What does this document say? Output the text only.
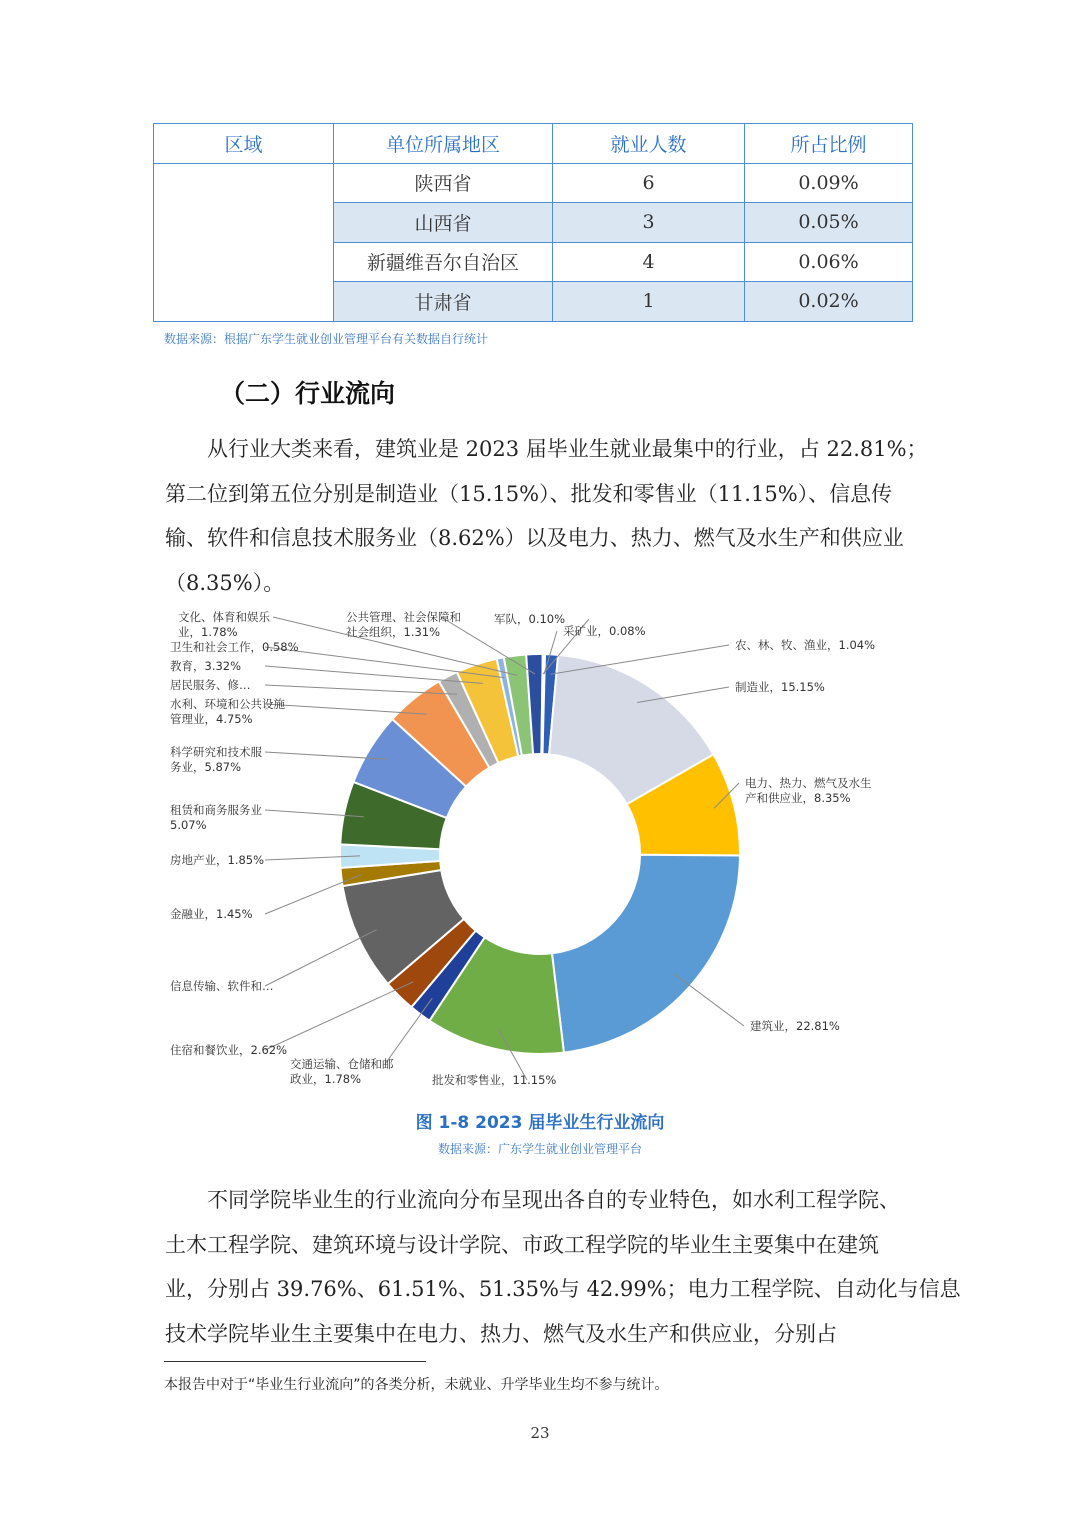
区域	单位所属地区	就业人数	所占比例
	陕西省	6	0.09%
	山西省	3	0.05%
	新疆维吾尔自治区	4	0.06%
	甘肃省	1	0.02%
数据来源：根据广东学生就业创业管理平台有关数据自行统计
（二）行业流向
从行业大类来看，建筑业是 2023 届毕业生就业最集中的行业，占 22.81%；
第二位到第五位分别是制造业（15.15%）、批发和零售业（11.15%）、信息传
输、软件和信息技术服务业（8.62%）以及电力、热力、燃气及水生产和供应业
（8.35%）。
采矿业，0.08%
农、林、牧、渔业，1.04%
制造业，15.15%
电力、热力、燃气及水生产和供应业，8.35%
建筑业，22.81%
批发和零售业，11.15%
交通运输、仓储和邮政业，1.78%
住宿和餐饮业，2.62%
信息传输、软件和…
金融业，1.45%
房地产业，1.85%
租赁和商务服务业 5.07%
科学研究和技术服务业，5.87%
水利、环境和公共设施管理业，4.75%
居民服务、修…
教育，3.32%
卫生和社会工作，0.58%
文化、体育和娱乐业，1.78%
公共管理、社会保障和社会组织，1.31%
军队，0.10%
图 1-8 2023 届毕业生行业流向
数据来源：广东学生就业创业管理平台
不同学院毕业生的行业流向分布呈现出各自的专业特色，如水利工程学院、
土木工程学院、建筑环境与设计学院、市政工程学院的毕业生主要集中在建筑
业，分别占 39.76%、61.51%、51.35%与 42.99%；电力工程学院、自动化与信息
技术学院毕业生主要集中在电力、热力、燃气及水生产和供应业，分别占
本报告中对于“毕业生行业流向”的各类分析，未就业、升学毕业生均不参与统计。
23
